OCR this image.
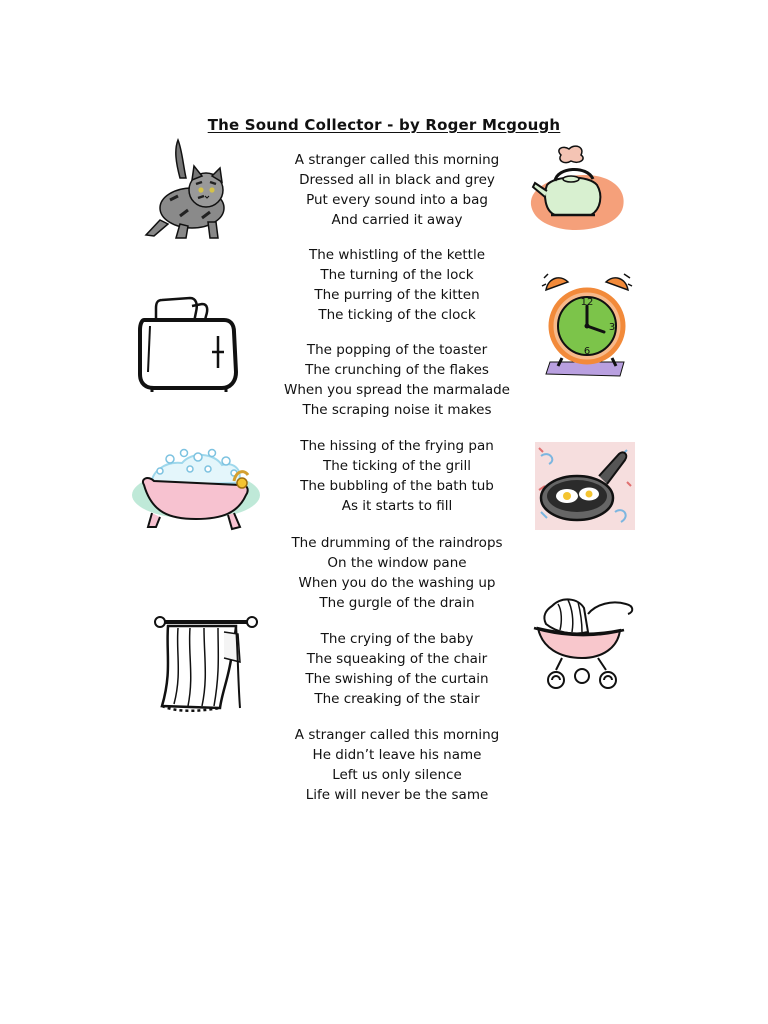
The Sound Collector - by Roger Mcgough
A stranger called this morning
Dressed all in black and grey
Put every sound into a bag
And carried it away
The whistling of the kettle
The turning of the lock
The purring of the kitten
The ticking of the clock
The popping of the toaster
The crunching of the flakes
When you spread the marmalade
The scraping noise it makes
The hissing of the frying pan
The ticking of the grill
The bubbling of the bath tub
As it starts to fill
The drumming of the raindrops
On the window pane
When you do the washing up
The gurgle of the drain
The crying of the baby
The squeaking of the chair
The swishing of the curtain
The creaking of the stair
A stranger called this morning
He didn’t leave his name
Left us only silence
Life will never be the same
12
3
6
